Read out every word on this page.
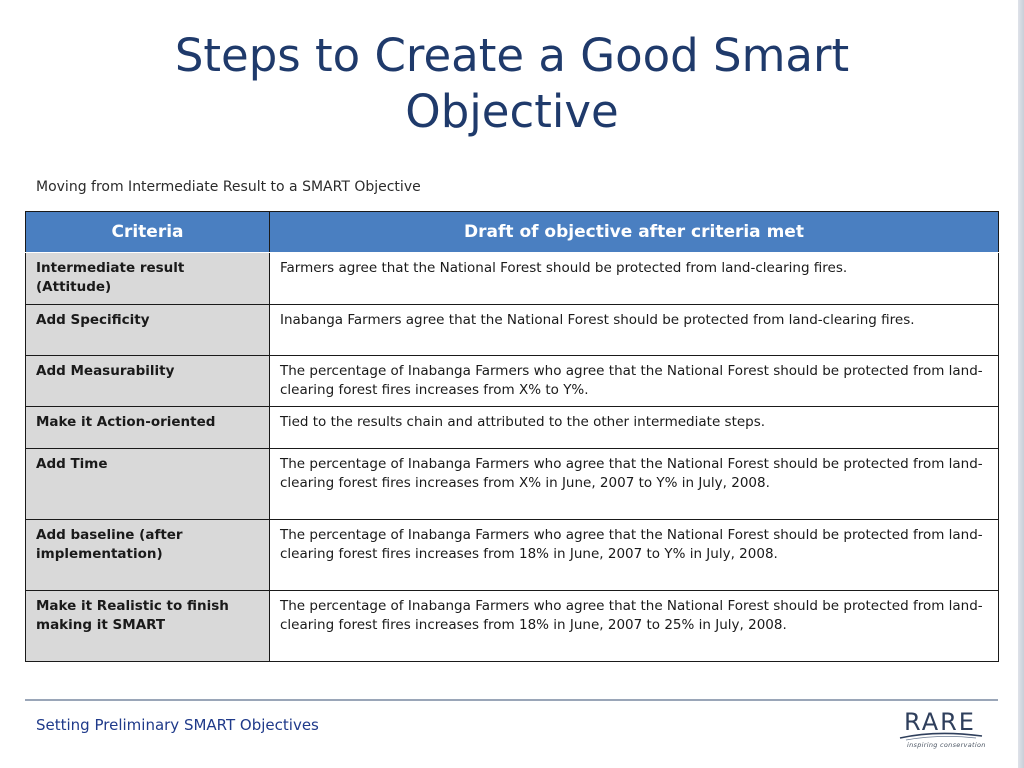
Steps to Create a Good Smart
Objective
Moving from Intermediate Result to a SMART Objective
Criteria	Draft of objective after criteria met
Intermediate result (Attitude)	Farmers agree that the National Forest should be protected from land-clearing fires.
Add Specificity	Inabanga Farmers agree that the National Forest should be protected from land-clearing fires.
Add Measurability	The percentage of Inabanga Farmers who agree that the National Forest should be protected from land-clearing forest fires increases from X% to Y%.
Make it Action-oriented	Tied to the results chain and attributed to the other intermediate steps.
Add Time	The percentage of Inabanga Farmers who agree that the National Forest should be protected from land-clearing forest fires increases from X% in June, 2007 to Y% in July, 2008.
Add baseline (after implementation)	The percentage of Inabanga Farmers who agree that the National Forest should be protected from land-clearing forest fires increases from 18% in June, 2007 to Y% in July, 2008.
Make it Realistic to finish making it SMART	The percentage of Inabanga Farmers who agree that the National Forest should be protected from land-clearing forest fires increases from 18% in June, 2007 to 25% in July, 2008.
Setting Preliminary SMART Objectives	RARE
inspiring conservation
